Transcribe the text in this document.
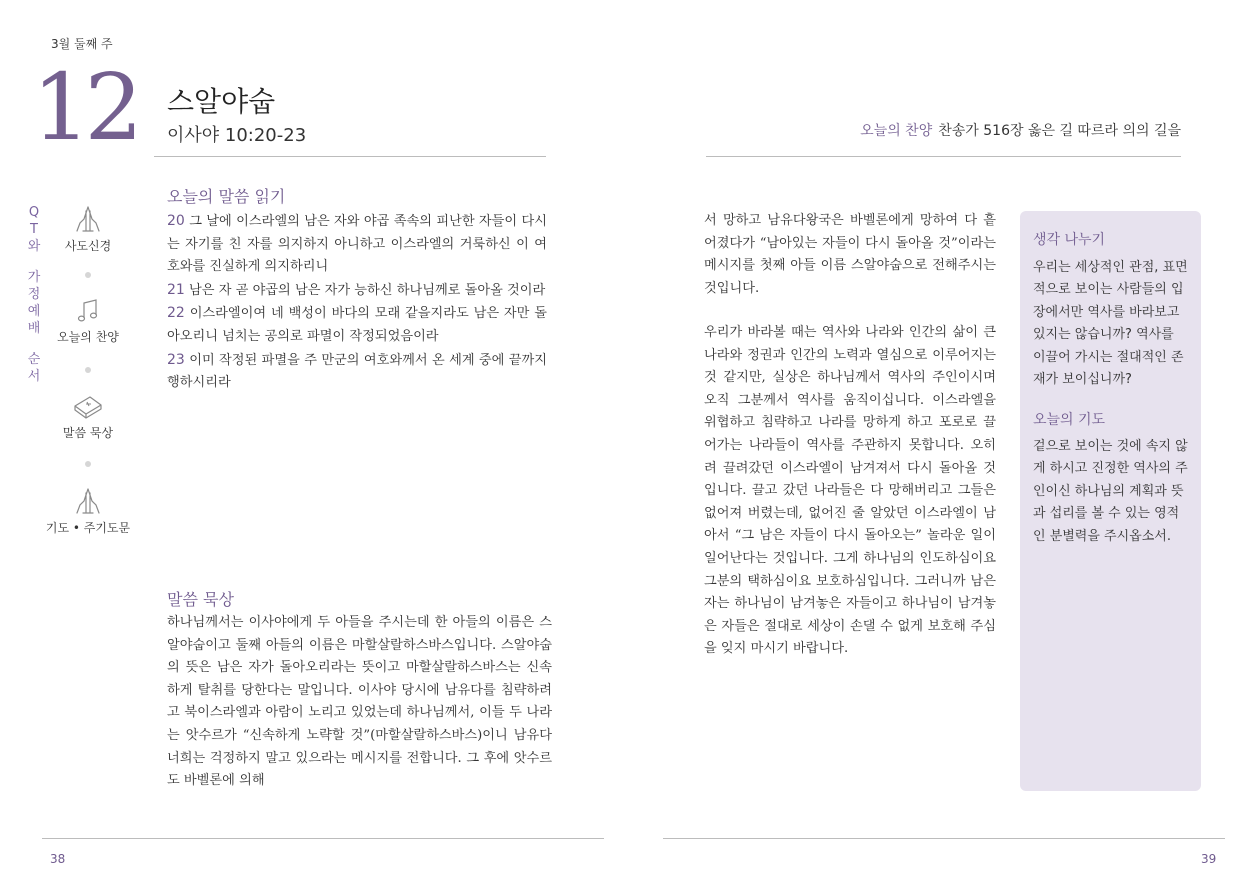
3월 둘째 주
12 스알야숩
이사야 10:20-23	오늘의 찬양 찬송가 516장 옳은 길 따르라 의의 길을
Q
T
와
가
정
예
배
순
서
사도신경
오늘의 찬양
말씀 묵상
기도 • 주기도문
오늘의 말씀 읽기
20 그 날에 이스라엘의 남은 자와 야곱 족속의 피난한 자들이 다시는 자기를 친 자를 의지하지 아니하고 이스라엘의 거룩하신 이 여호와를 진실하게 의지하리니
21 남은 자 곧 야곱의 남은 자가 능하신 하나님께로 돌아올 것이라
22 이스라엘이여 네 백성이 바다의 모래 같을지라도 남은 자만 돌아오리니 넘치는 공의로 파멸이 작정되었음이라
23 이미 작정된 파멸을 주 만군의 여호와께서 온 세계 중에 끝까지 행하시리라
말씀 묵상
하나님께서는 이사야에게 두 아들을 주시는데 한 아들의 이름은 스알야숩이고 둘째 아들의 이름은 마할살랄하스바스입니다. 스알야숩의 뜻은 남은 자가 돌아오리라는 뜻이고 마할살랄하스바스는 신속하게 탈취를 당한다는 말입니다. 이사야 당시에 남유다를 침략하려고 북이스라엘과 아람이 노리고 있었는데 하나님께서, 이들 두 나라는 앗수르가 “신속하게 노략할 것”(마할살랄하스바스)이니 남유다 너희는 걱정하지 말고 있으라는 메시지를 전합니다. 그 후에 앗수르도 바벨론에 의해
서 망하고 남유다왕국은 바벨론에게 망하여 다 흩어졌다가 “남아있는 자들이 다시 돌아올 것”이라는 메시지를 첫째 아들 이름 스알야숩으로 전해주시는 것입니다.
우리가 바라볼 때는 역사와 나라와 인간의 삶이 큰 나라와 정권과 인간의 노력과 열심으로 이루어지는 것 같지만, 실상은 하나님께서 역사의 주인이시며 오직 그분께서 역사를 움직이십니다. 이스라엘을 위협하고 침략하고 나라를 망하게 하고 포로로 끌어가는 나라들이 역사를 주관하지 못합니다. 오히려 끌려갔던 이스라엘이 남겨져서 다시 돌아올 것입니다. 끌고 갔던 나라들은 다 망해버리고 그들은 없어져 버렸는데, 없어진 줄 알았던 이스라엘이 남아서 “그 남은 자들이 다시 돌아오는” 놀라운 일이 일어난다는 것입니다. 그게 하나님의 인도하심이요 그분의 택하심이요 보호하심입니다. 그러니까 남은 자는 하나님이 남겨놓은 자들이고 하나님이 남겨놓은 자들은 절대로 세상이 손댈 수 없게 보호해 주심을 잊지 마시기 바랍니다.
생각 나누기
우리는 세상적인 관점, 표면적으로 보이는 사람들의 입장에서만 역사를 바라보고 있지는 않습니까? 역사를 이끌어 가시는 절대적인 존재가 보이십니까?
오늘의 기도
겉으로 보이는 것에 속지 않게 하시고 진정한 역사의 주인이신 하나님의 계획과 뜻과 섭리를 볼 수 있는 영적인 분별력을 주시옵소서.
38	39
